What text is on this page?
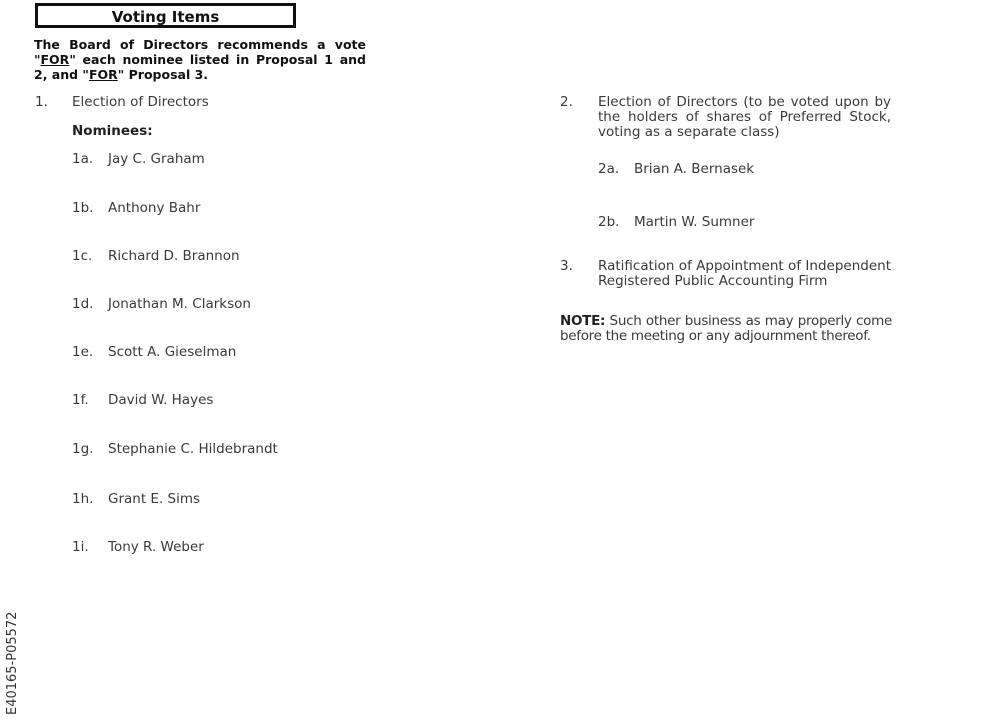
Voting Items
The Board of Directors recommends a vote "FOR" each nominee listed in Proposal 1 and 2, and "FOR" Proposal 3.
1. Election of Directors
Nominees:
1a. Jay C. Graham
1b. Anthony Bahr
1c. Richard D. Brannon
1d. Jonathan M. Clarkson
1e. Scott A. Gieselman
1f. David W. Hayes
1g. Stephanie C. Hildebrandt
1h. Grant E. Sims
1i. Tony R. Weber
2. Election of Directors (to be voted upon by the holders of shares of Preferred Stock, voting as a separate class)
2a. Brian A. Bernasek
2b. Martin W. Sumner
3. Ratification of Appointment of Independent Registered Public Accounting Firm
NOTE: Such other business as may properly come before the meeting or any adjournment thereof.
E40165-P05572
